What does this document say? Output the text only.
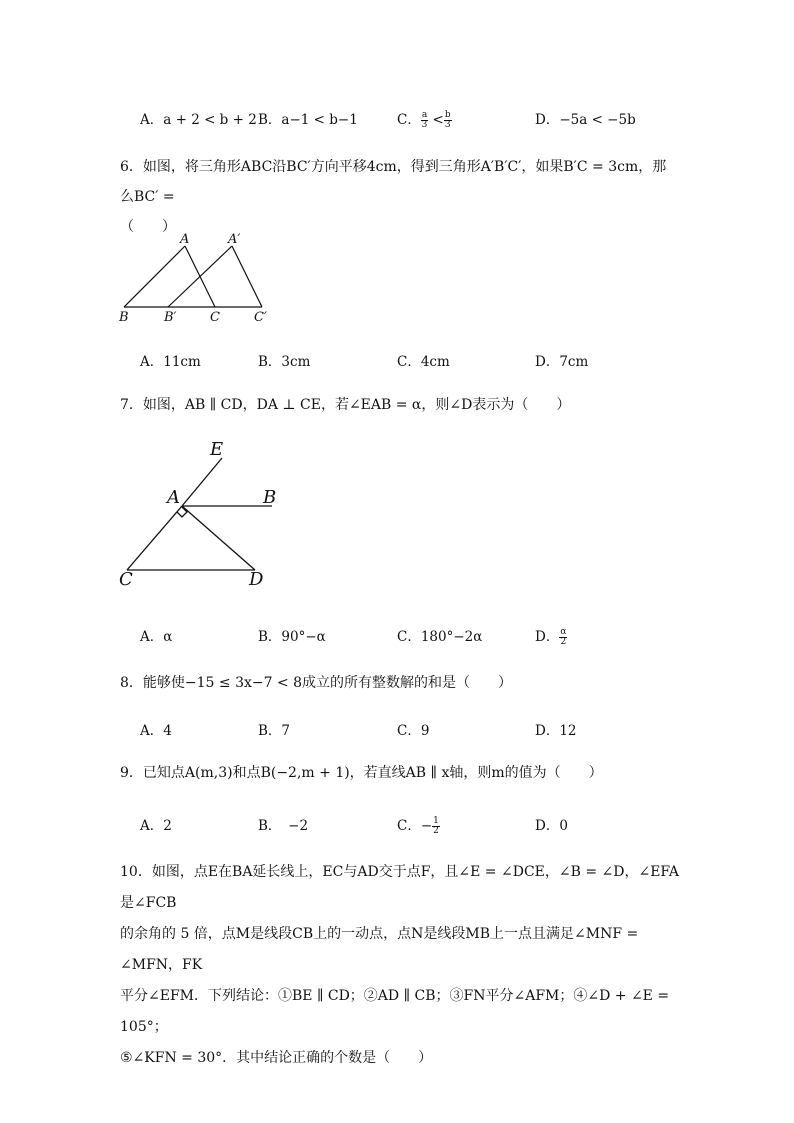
A．a + 2 < b + 2 B．a−1 < b−1	C． $\frac{a}{3} < \frac{b}{3}$	D．−5a < −5b
6．如图，将三角形ABC沿BC′方向平移4cm，得到三角形A′B′C′，如果B′C = 3cm，那么BC′ =
（　　）
A	A′
B	B′	C	C′
A．11cm	B．3cm	C．4cm	D．7cm
7．如图，AB ∥ CD，DA ⊥ CE，若∠EAB = α，则∠D表示为（　　）
E
A	B
C	D
A．α	B．90°−α	C．180°−2α	D． $\frac{\alpha}{2}$
8．能够使−15 ≤ 3x−7 < 8成立的所有整数解的和是（　　）
A．4	B．7	C．9	D．12
9．已知点A(m,3)和点B(−2,m + 1)，若直线AB ∥ x轴，则m的值为（　　）
A．2	B．　−2	C．− $\frac{1}{2}$	D．0
10．如图，点E在BA延长线上，EC与AD交于点F，且∠E = ∠DCE，∠B = ∠D，∠EFA是∠FCB
的余角的 5 倍，点M是线段CB上的一动点，点N是线段MB上一点且满足∠MNF = ∠MFN，FK
平分∠EFM．下列结论：①BE ∥ CD；②AD ∥ CB；③FN平分∠AFM；④∠D + ∠E = 105°；
⑤∠KFN = 30°．其中结论正确的个数是（　　）
